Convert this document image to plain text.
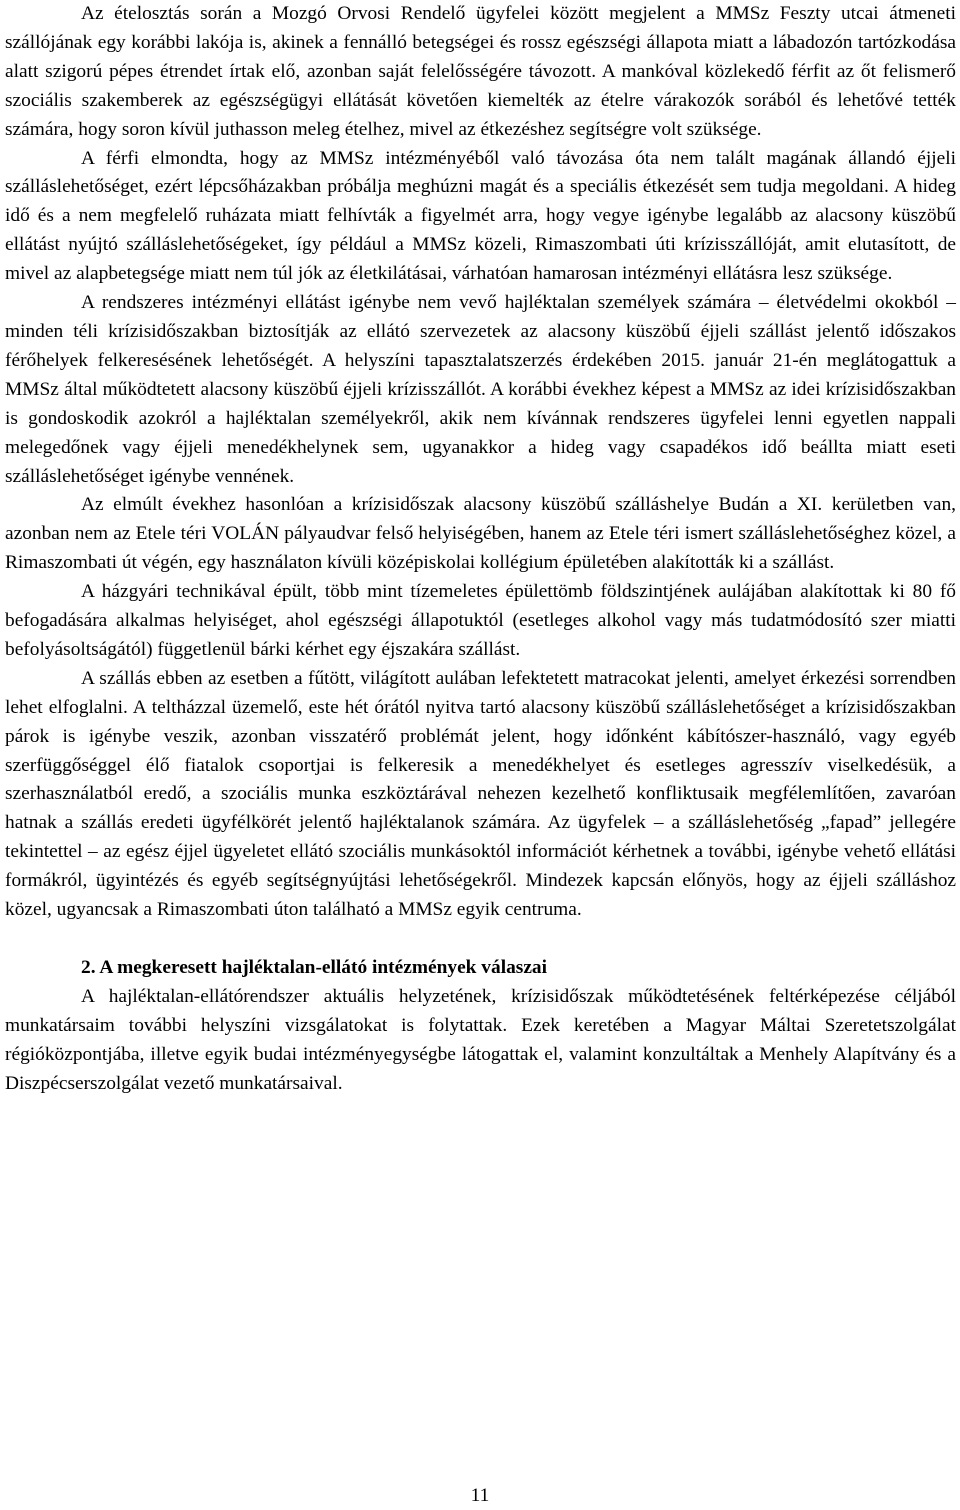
Az ételosztás során a Mozgó Orvosi Rendelő ügyfelei között megjelent a MMSz Feszty utcai átmeneti szállójának egy korábbi lakója is, akinek a fennálló betegségei és rossz egészségi állapota miatt a lábadozón tartózkodása alatt szigorú pépes étrendet írtak elő, azonban saját felelősségére távozott. A mankóval közlekedő férfit az őt felismerő szociális szakemberek az egészségügyi ellátását követően kiemelték az ételre várakozók sorából és lehetővé tették számára, hogy soron kívül juthasson meleg ételhez, mivel az étkezéshez segítségre volt szüksége.

A férfi elmondta, hogy az MMSz intézményéből való távozása óta nem talált magának állandó éjjeli szálláslehetőséget, ezért lépcsőházakban próbálja meghúzni magát és a speciális étkezését sem tudja megoldani. A hideg idő és a nem megfelelő ruházata miatt felhívták a figyelmét arra, hogy vegye igénybe legalább az alacsony küszöbű ellátást nyújtó szálláslehetőségeket, így például a MMSz közeli, Rimaszombati úti krízisszállóját, amit elutasított, de mivel az alapbetegsége miatt nem túl jók az életkilátásai, várhatóan hamarosan intézményi ellátásra lesz szüksége.

A rendszeres intézményi ellátást igénybe nem vevő hajléktalan személyek számára – életvédelmi okokból – minden téli krízisidőszakban biztosítják az ellátó szervezetek az alacsony küszöbű éjjeli szállást jelentő időszakos férőhelyek felkeresésének lehetőségét. A helyszíni tapasztalatszerzés érdekében 2015. január 21-én meglátogattuk a MMSz által működtetett alacsony küszöbű éjjeli krízisszállót. A korábbi évekhez képest a MMSz az idei krízisidőszakban is gondoskodik azokról a hajléktalan személyekről, akik nem kívánnak rendszeres ügyfelei lenni egyetlen nappali melegedőnek vagy éjjeli menedékhelynek sem, ugyanakkor a hideg vagy csapadékos idő beállta miatt eseti szálláslehetőséget igénybe vennének.

Az elmúlt évekhez hasonlóan a krízisidőszak alacsony küszöbű szálláshelye Budán a XI. kerületben van, azonban nem az Etele téri VOLÁN pályaudvar felső helyiségében, hanem az Etele téri ismert szálláslehetőséghez közel, a Rimaszombati út végén, egy használaton kívüli középiskolai kollégium épületében alakították ki a szállást.

A házgyári technikával épült, több mint tízemeletes épülettömb földszintjének aulájában alakítottak ki 80 fő befogadására alkalmas helyiséget, ahol egészségi állapotuktól (esetleges alkohol vagy más tudatmódosító szer miatti befolyásoltságától) függetlenül bárki kérhet egy éjszakára szállást.

A szállás ebben az esetben a fűtött, világított aulában lefektetett matracokat jelenti, amelyet érkezési sorrendben lehet elfoglalni. A teltházzal üzemelő, este hét órától nyitva tartó alacsony küszöbű szálláslehetőséget a krízisidőszakban párok is igénybe veszik, azonban visszatérő problémát jelent, hogy időnként kábítószer-használó, vagy egyéb szerfüggőséggel élő fiatalok csoportjai is felkeresik a menedékhelyet és esetleges agresszív viselkedésük, a szerhasználatból eredő, a szociális munka eszköztárával nehezen kezelhető konfliktusaik megfélemlítően, zavaróan hatnak a szállás eredeti ügyfélkörét jelentő hajléktalanok számára. Az ügyfelek – a szálláslehetőség „fapad” jellegére tekintettel – az egész éjjel ügyeletet ellátó szociális munkásoktól információt kérhetnek a további, igénybe vehető ellátási formákról, ügyintézés és egyéb segítségnyújtási lehetőségekről. Mindezek kapcsán előnyös, hogy az éjjeli szálláshoz közel, ugyancsak a Rimaszombati úton található a MMSz egyik centruma.

2. A megkeresett hajléktalan-ellátó intézmények válaszai

A hajléktalan-ellátórendszer aktuális helyzetének, krízisidőszak működtetésének feltérképezése céljából munkatársaim további helyszíni vizsgálatokat is folytattak. Ezek keretében a Magyar Máltai Szeretetszolgálat régióközpontjába, illetve egyik budai intézményegységbe látogattak el, valamint konzultáltak a Menhely Alapítvány és a Diszpécserszolgálat vezető munkatársaival.

11
